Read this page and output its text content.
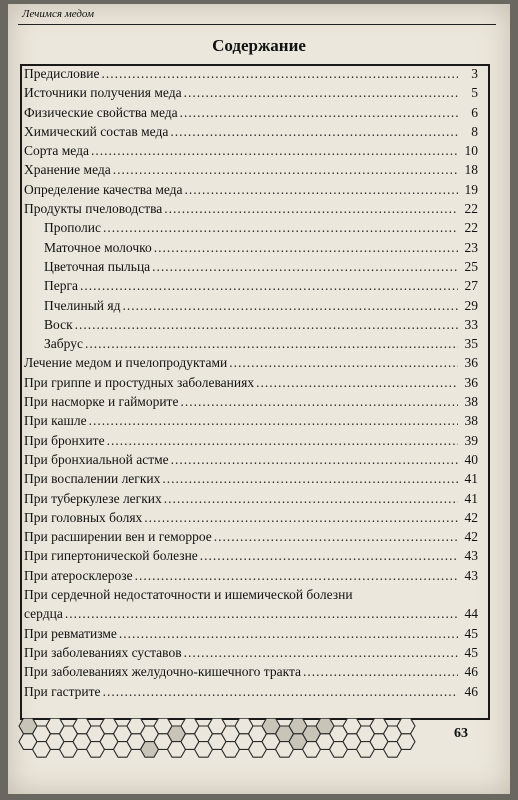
Лечимся медом
Содержание
63
Предисловие .....	3
Источники получения меда .....	5
Физические свойства меда .....	6
Химический состав меда .....	8
Сорта меда .....	10
Хранение меда .....	18
Определение качества меда .....	19
Продукты пчеловодства .....	22
Прополис .....	22
Маточное молочко .....	23
Цветочная пыльца .....	25
Перга .....	27
Пчелиный яд .....	29
Воск .....	33
Забрус .....	35
Лечение медом и пчелопродуктами .....	36
При гриппе и простудных заболеваниях .....	36
При насморке и гайморите .....	38
При кашле .....	38
При бронхите .....	39
При бронхиальной астме .....	40
При воспалении легких .....	41
При туберкулезе легких .....	41
При головных болях .....	42
При расширении вен и геморрое .....	42
При гипертонической болезне .....	43
При атеросклерозе .....	43
При сердечной недостаточности и ишемической болезни
сердца .....	44
При ревматизме .....	45
При заболеваниях суставов .....	45
При заболеваниях желудочно-кишечного тракта .....	46
При гастрите .....	46
